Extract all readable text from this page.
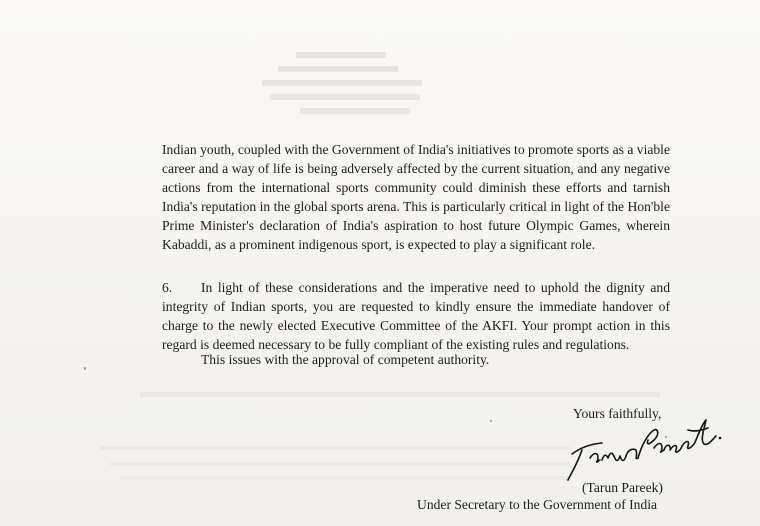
Indian youth, coupled with the Government of India's initiatives to promote sports as a viable career and a way of life is being adversely affected by the current situation, and any negative actions from the international sports community could diminish these efforts and tarnish India's reputation in the global sports arena. This is particularly critical in light of the Hon'ble Prime Minister's declaration of India's aspiration to host future Olympic Games, wherein Kabaddi, as a prominent indigenous sport, is expected to play a significant role.

6. In light of these considerations and the imperative need to uphold the dignity and integrity of Indian sports, you are requested to kindly ensure the immediate handover of charge to the newly elected Executive Committee of the AKFI. Your prompt action in this regard is deemed necessary to be fully compliant of the existing rules and regulations.

This issues with the approval of competent authority.
Yours faithfully,
(Tarun Pareek)
Under Secretary to the Government of India
